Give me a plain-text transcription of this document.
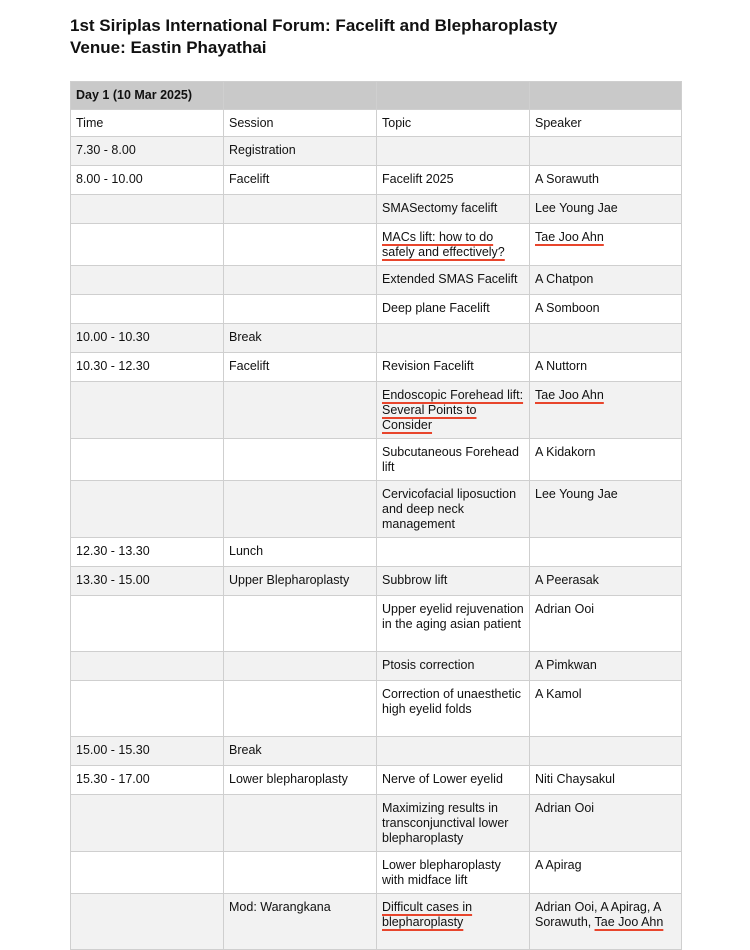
1st Siriplas International Forum: Facelift and Blepharoplasty
Venue: Eastin Phayathai
Day 1 (10 Mar 2025)			
Time	Session	Topic	Speaker
7.30 - 8.00	Registration		
8.00 - 10.00	Facelift	Facelift 2025	A Sorawuth
		SMASectomy facelift	Lee Young Jae
		MACs lift: how to do safely and effectively?	Tae Joo Ahn
		Extended SMAS Facelift	A Chatpon
		Deep plane Facelift	A Somboon
10.00 - 10.30	Break		
10.30 - 12.30	Facelift	Revision Facelift	A Nuttorn
		Endoscopic Forehead lift: Several Points to Consider	Tae Joo Ahn
		Subcutaneous Forehead lift	A Kidakorn
		Cervicofacial liposuction and deep neck management	Lee Young Jae
12.30 - 13.30	Lunch		
13.30 - 15.00	Upper Blepharoplasty	Subbrow lift	A Peerasak
		Upper eyelid rejuvenation in the aging asian patient	Adrian Ooi
		Ptosis correction	A Pimkwan
		Correction of unaesthetic high eyelid folds	A Kamol
15.00 - 15.30	Break		
15.30 - 17.00	Lower blepharoplasty	Nerve of Lower eyelid	Niti Chaysakul
		Maximizing results in transconjunctival lower blepharoplasty	Adrian Ooi
		Lower blepharoplasty with midface lift	A Apirag
	Mod: Warangkana	Difficult cases in blepharoplasty	Adrian Ooi, A Apirag, A Sorawuth, Tae Joo Ahn
